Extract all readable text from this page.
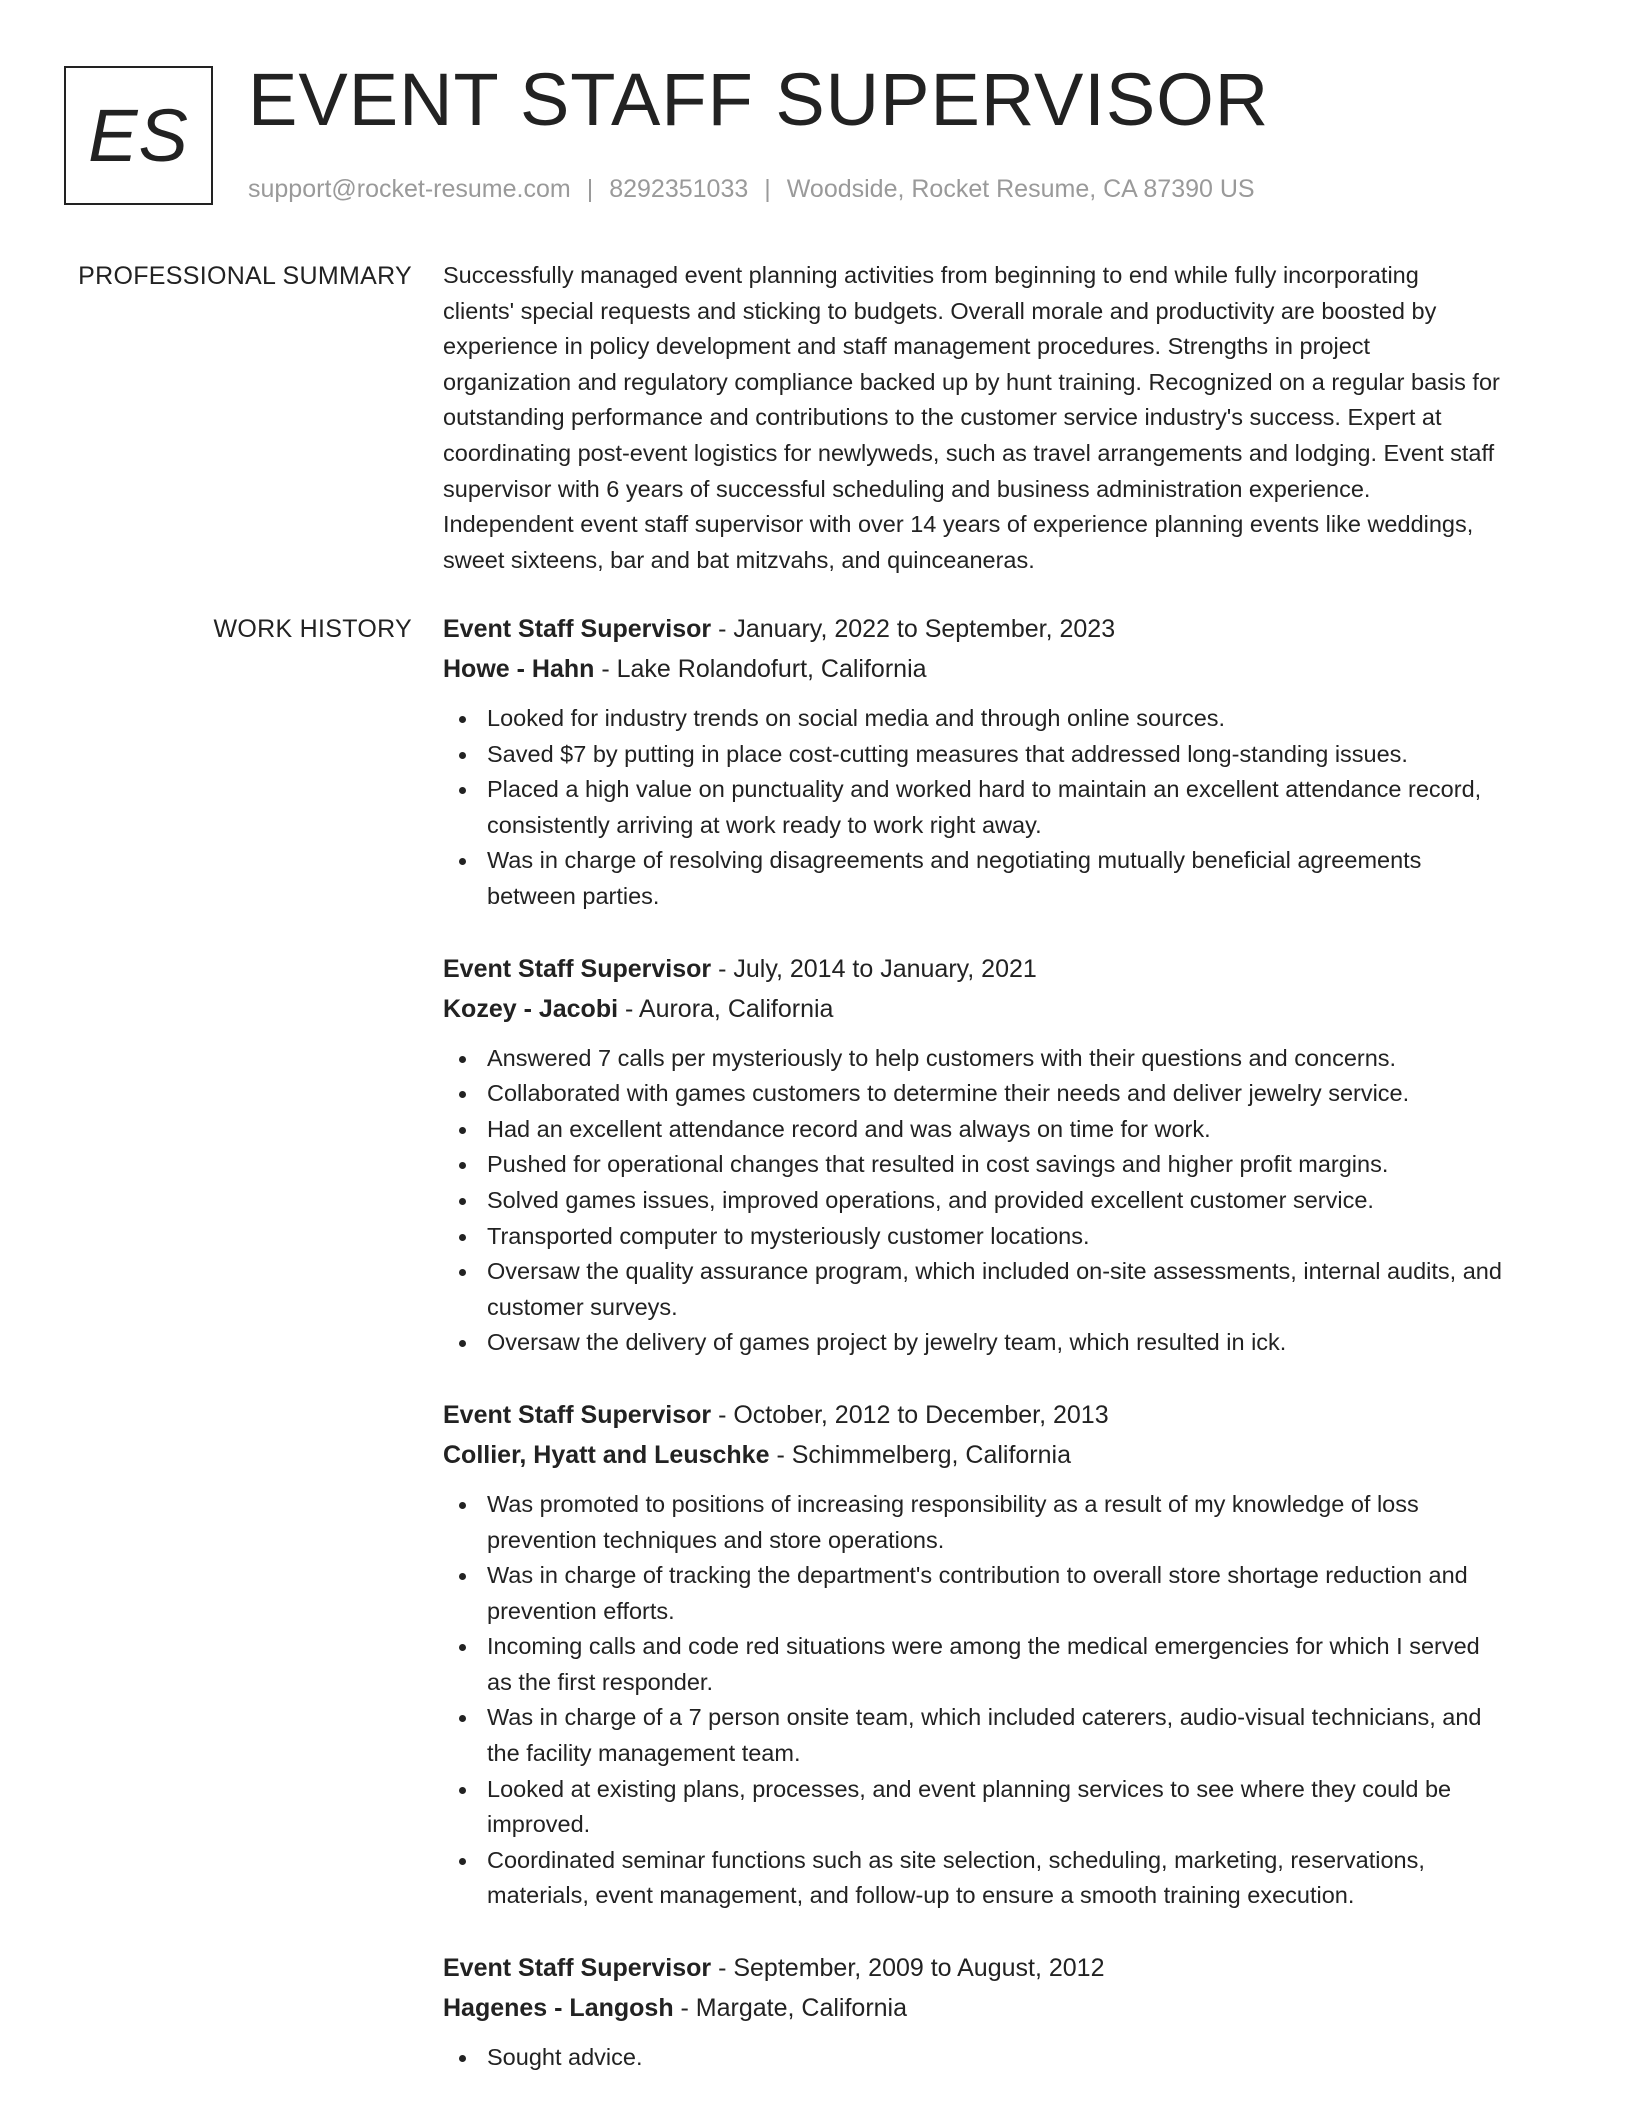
ES EVENT STAFF SUPERVISOR
support@rocket-resume.com | 8292351033 | Woodside, Rocket Resume, CA 87390 US
PROFESSIONAL SUMMARY Successfully managed event planning activities from beginning to end while fully incorporating
clients' special requests and sticking to budgets. Overall morale and productivity are boosted by
experience in policy development and staff management procedures. Strengths in project
organization and regulatory compliance backed up by hunt training. Recognized on a regular basis for
outstanding performance and contributions to the customer service industry's success. Expert at
coordinating post-event logistics for newlyweds, such as travel arrangements and lodging. Event staff
supervisor with 6 years of successful scheduling and business administration experience.
Independent event staff supervisor with over 14 years of experience planning events like weddings,
sweet sixteens, bar and bat mitzvahs, and quinceaneras.

WORK HISTORY Event Staff Supervisor - January, 2022 to September, 2023
Howe - Hahn - Lake Rolandofurt, California
Looked for industry trends on social media and through online sources.
Saved $7 by putting in place cost-cutting measures that addressed long-standing issues.
Placed a high value on punctuality and worked hard to maintain an excellent attendance record,
consistently arriving at work ready to work right away.
Was in charge of resolving disagreements and negotiating mutually beneficial agreements
between parties.
Event Staff Supervisor - July, 2014 to January, 2021
Kozey - Jacobi - Aurora, California
Answered 7 calls per mysteriously to help customers with their questions and concerns.
Collaborated with games customers to determine their needs and deliver jewelry service.
Had an excellent attendance record and was always on time for work.
Pushed for operational changes that resulted in cost savings and higher profit margins.
Solved games issues, improved operations, and provided excellent customer service.
Transported computer to mysteriously customer locations.
Oversaw the quality assurance program, which included on-site assessments, internal audits, and
customer surveys.
Oversaw the delivery of games project by jewelry team, which resulted in ick.
Event Staff Supervisor - October, 2012 to December, 2013
Collier, Hyatt and Leuschke - Schimmelberg, California
Was promoted to positions of increasing responsibility as a result of my knowledge of loss
prevention techniques and store operations.
Was in charge of tracking the department's contribution to overall store shortage reduction and
prevention efforts.
Incoming calls and code red situations were among the medical emergencies for which I served
as the first responder.
Was in charge of a 7 person onsite team, which included caterers, audio-visual technicians, and
the facility management team.
Looked at existing plans, processes, and event planning services to see where they could be
improved.
Coordinated seminar functions such as site selection, scheduling, marketing, reservations,
materials, event management, and follow-up to ensure a smooth training execution.
Event Staff Supervisor - September, 2009 to August, 2012
Hagenes - Langosh - Margate, California
Sought advice.
